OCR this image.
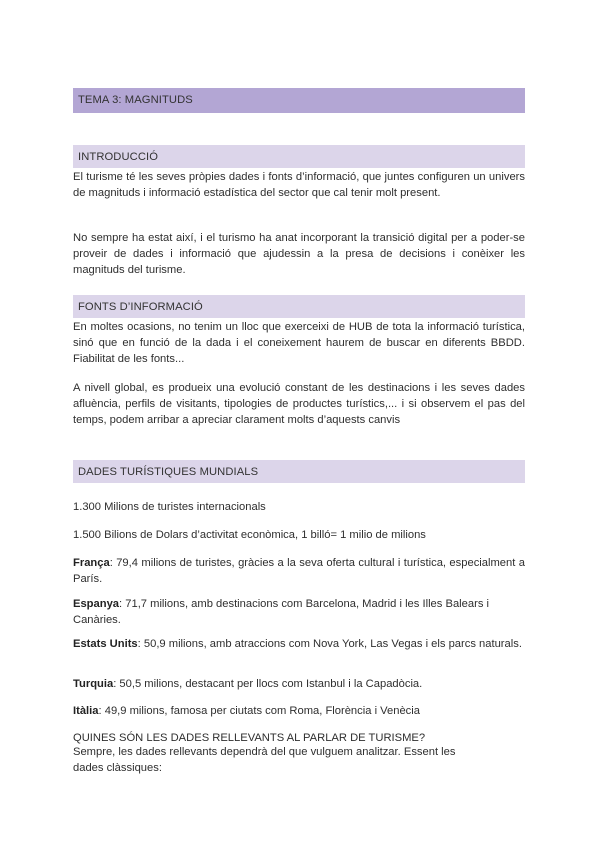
TEMA 3: MAGNITUDS
INTRODUCCIÓ

El turisme té les seves pròpies dades i fonts d’informació, que juntes configuren un univers de magnituds i informació estadística del sector que cal tenir molt present.

No sempre ha estat així, i el turismo ha anat incorporant la transició digital per a poder-se proveir de dades i informació que ajudessin a la presa de decisions i conèixer les magnituds del turisme.

FONTS D’INFORMACIÓ

En moltes ocasions, no tenim un lloc que exerceixi de HUB de tota la informació turística, sinó que en funció de la dada i el coneixement haurem de buscar en diferents BBDD. Fiabilitat de les fonts...

A nivell global, es produeix una evolució constant de les destinacions i les seves dades afluència, perfils de visitants, tipologies de productes turístics,... i si observem el pas del temps, podem arribar a apreciar clarament molts d’aquests canvis

DADES TURÍSTIQUES MUNDIALS

1.300 Milions de turistes internacionals

1.500 Bilions de Dolars d’activitat econòmica, 1 billó= 1 milio de milions

França: 79,4 milions de turistes, gràcies a la seva oferta cultural i turística, especialment a París.

Espanya: 71,7 milions, amb destinacions com Barcelona, Madrid i les Illes Balears i Canàries.

Estats Units: 50,9 milions, amb atraccions com Nova York, Las Vegas i els parcs naturals.

Turquia: 50,5 milions, destacant per llocs com Istanbul i la Capadòcia.

Itàlia: 49,9 milions, famosa per ciutats com Roma, Florència i Venècia

QUINES SÓN LES DADES RELLEVANTS AL PARLAR DE TURISME?

Sempre, les dades rellevants dependrà del que vulguem analitzar. Essent les dades clàssiques:
